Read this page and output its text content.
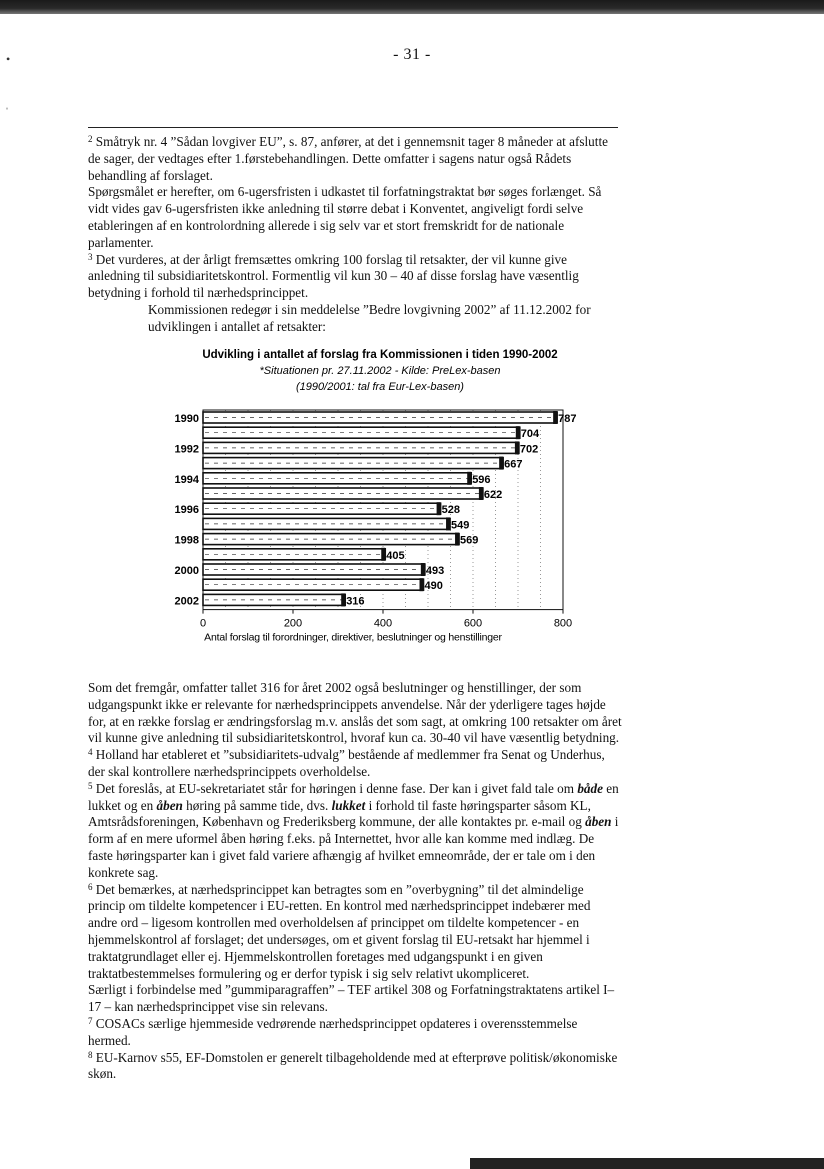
•
ˌ
- 31 -

$^2$ Småtryk nr. 4 ”Sådan lovgiver EU”, s. 87, anfører, at det i gennemsnit tager 8 måneder at afslutte de sager, der vedtages efter 1.førstebehandlingen. Dette omfatter i sagens natur også Rådets behandling af forslaget.

Spørgsmålet er herefter, om 6-ugersfristen i udkastet til forfatningstraktat bør søges forlænget. Så vidt vides gav 6-ugersfristen ikke anledning til større debat i Konventet, angiveligt fordi selve etableringen af en kontrolordning allerede i sig selv var et stort fremskridt for de nationale parlamenter.

$^3$ Det vurderes, at der årligt fremsættes omkring 100 forslag til retsakter, der vil kunne give anledning til subsidiaritetskontrol. Formentlig vil kun 30 – 40 af disse forslag have væsentlig betydning i forhold til nærhedsprincippet.

Kommissionen redegør i sin meddelelse ”Bedre lovgivning 2002” af 11.12.2002 for udviklingen i antallet af retsakter:

Udvikling i antallet af forslag fra Kommissionen i tiden 1990-2002
*Situationen pr. 27.11.2002 - Kilde: PreLex-basen
(1990/2001: tal fra Eur-Lex-basen)
787
1990
704
702
1992
667
596
1994
622
528
1996
549
569
1998
405
493
2000
490
316
2002
0	200	400	600	800
Antal forslag til forordninger, direktiver, beslutninger og henstillinger

Som det fremgår, omfatter tallet 316 for året 2002 også beslutninger og henstillinger, der som udgangspunkt ikke er relevante for nærhedsprincippets anvendelse. Når der yderligere tages højde for, at en række forslag er ændringsforslag m.v. anslås det som sagt, at omkring 100 retsakter om året vil kunne give anledning til subsidiaritetskontrol, hvoraf kun ca. 30-40 vil have væsentlig betydning.

$^4$ Holland har etableret et ”subsidiaritets-udvalg” bestående af medlemmer fra Senat og Underhus, der skal kontrollere nærhedsprincippets overholdelse.

$^5$ Det foreslås, at EU-sekretariatet står for høringen i denne fase. Der kan i givet fald tale om både en lukket og en åben høring på samme tide, dvs. lukket i forhold til faste høringsparter såsom KL, Amtsrådsforeningen, København og Frederiksberg kommune, der alle kontaktes pr. e-mail og åben i form af en mere uformel åben høring f.eks. på Internettet, hvor alle kan komme med indlæg. De faste høringsparter kan i givet fald variere afhængig af hvilket emneområde, der er tale om i den konkrete sag.

$^6$ Det bemærkes, at nærhedsprincippet kan betragtes som en ”overbygning” til det almindelige princip om tildelte kompetencer i EU-retten. En kontrol med nærhedsprincippet indebærer med andre ord – ligesom kontrollen med overholdelsen af princippet om tildelte kompetencer - en hjemmelskontrol af forslaget; det undersøges, om et givent forslag til EU-retsakt har hjemmel i traktatgrundlaget eller ej. Hjemmelskontrollen foretages med udgangspunkt i en given traktatbestemmelses formulering og er derfor typisk i sig selv relativt ukompliceret.

Særligt i forbindelse med ”gummiparagraffen” – TEF artikel 308 og Forfatningstraktatens artikel I–17 – kan nærhedsprincippet vise sin relevans.

$^7$ COSACs særlige hjemmeside vedrørende nærhedsprincippet opdateres i overensstemmelse hermed.

$^8$ EU-Karnov s55, EF-Domstolen er generelt tilbageholdende med at efterprøve politisk/økonomiske skøn.
